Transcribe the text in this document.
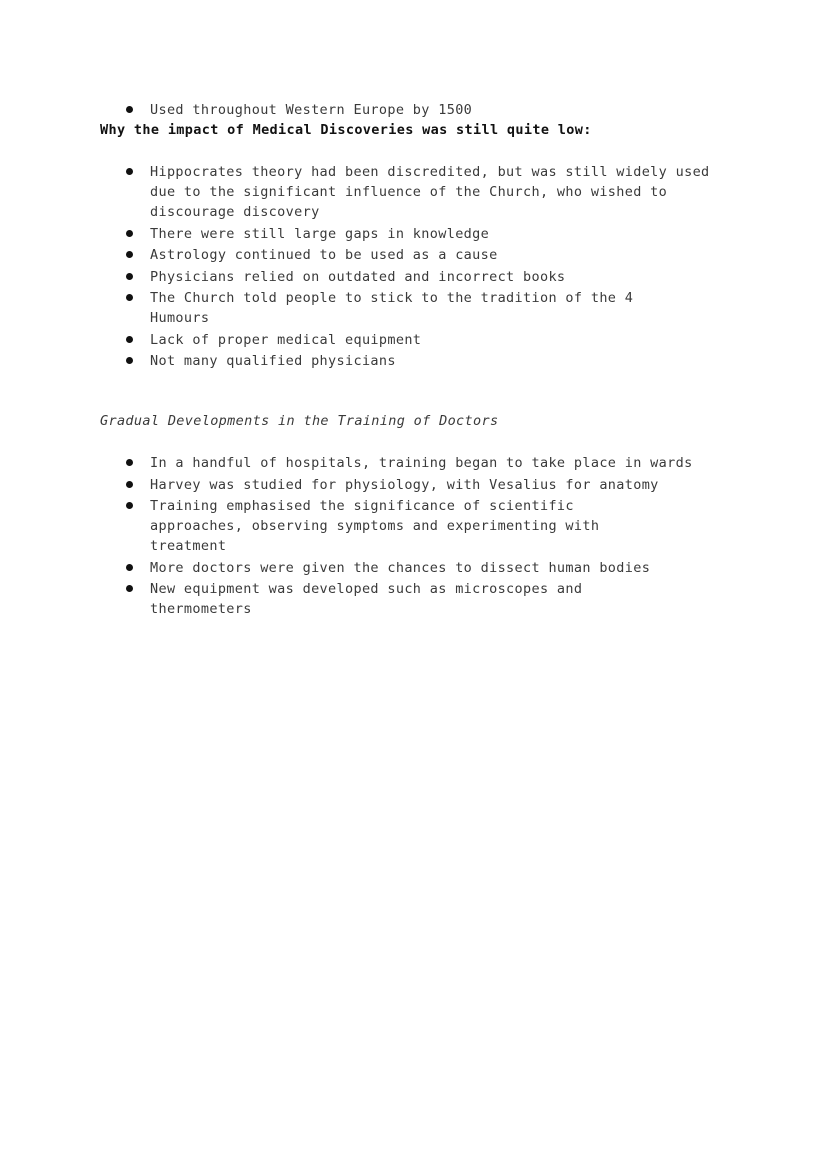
Used throughout Western Europe by 1500
Why the impact of Medical Discoveries was still quite low:
Hippocrates theory had been discredited, but was still widely used due to the significant influence of the Church, who wished to discourage discovery
There were still large gaps in knowledge
Astrology continued to be used as a cause
Physicians relied on outdated and incorrect books
The Church told people to stick to the tradition of the 4 Humours
Lack of proper medical equipment
Not many qualified physicians
Gradual Developments in the Training of Doctors
In a handful of hospitals, training began to take place in wards
Harvey was studied for physiology, with Vesalius for anatomy
Training emphasised the significance of scientific approaches, observing symptoms and experimenting with treatment
More doctors were given the chances to dissect human bodies
New equipment was developed such as microscopes and thermometers
